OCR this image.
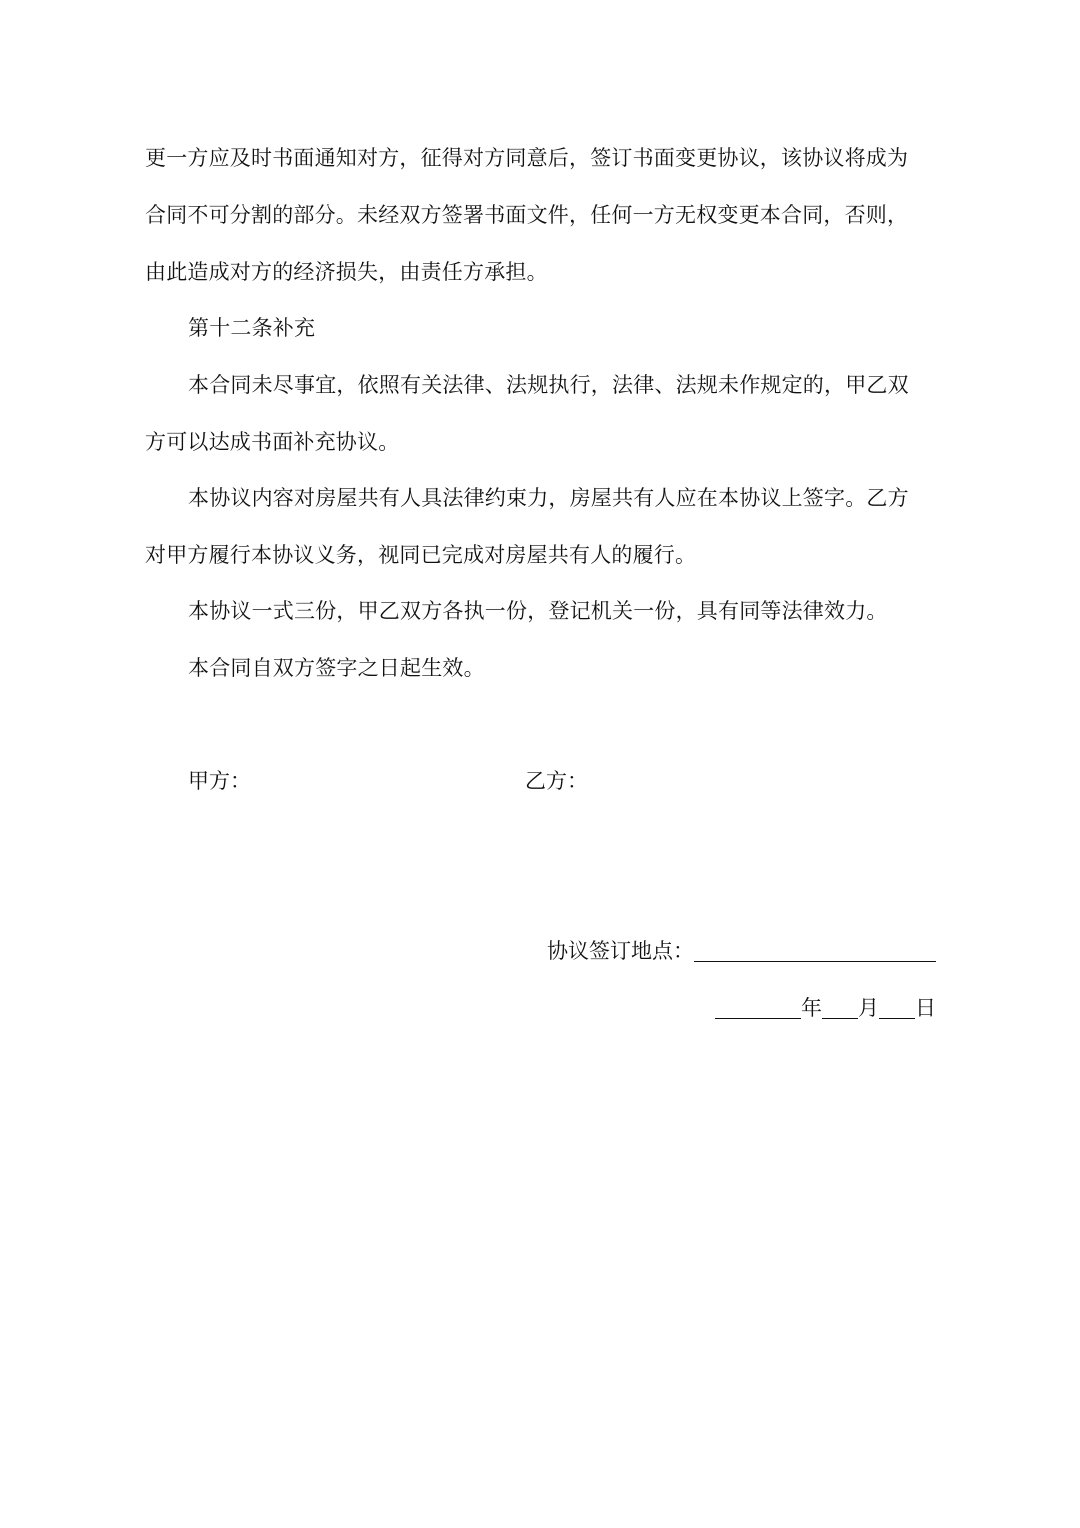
更一方应及时书面通知对方，征得对方同意后，签订书面变更协议，该协议将成为
合同不可分割的部分。未经双方签署书面文件，任何一方无权变更本合同，否则，
由此造成对方的经济损失，由责任方承担。
第十二条补充
本合同未尽事宜，依照有关法律、法规执行，法律、法规未作规定的，甲乙双
方可以达成书面补充协议。
本协议内容对房屋共有人具法律约束力，房屋共有人应在本协议上签字。乙方
对甲方履行本协议义务，视同已完成对房屋共有人的履行。
本协议一式三份，甲乙双方各执一份，登记机关一份，具有同等法律效力。
本合同自双方签字之日起生效。
甲方：	乙方：
协议签订地点：
年 月 日
